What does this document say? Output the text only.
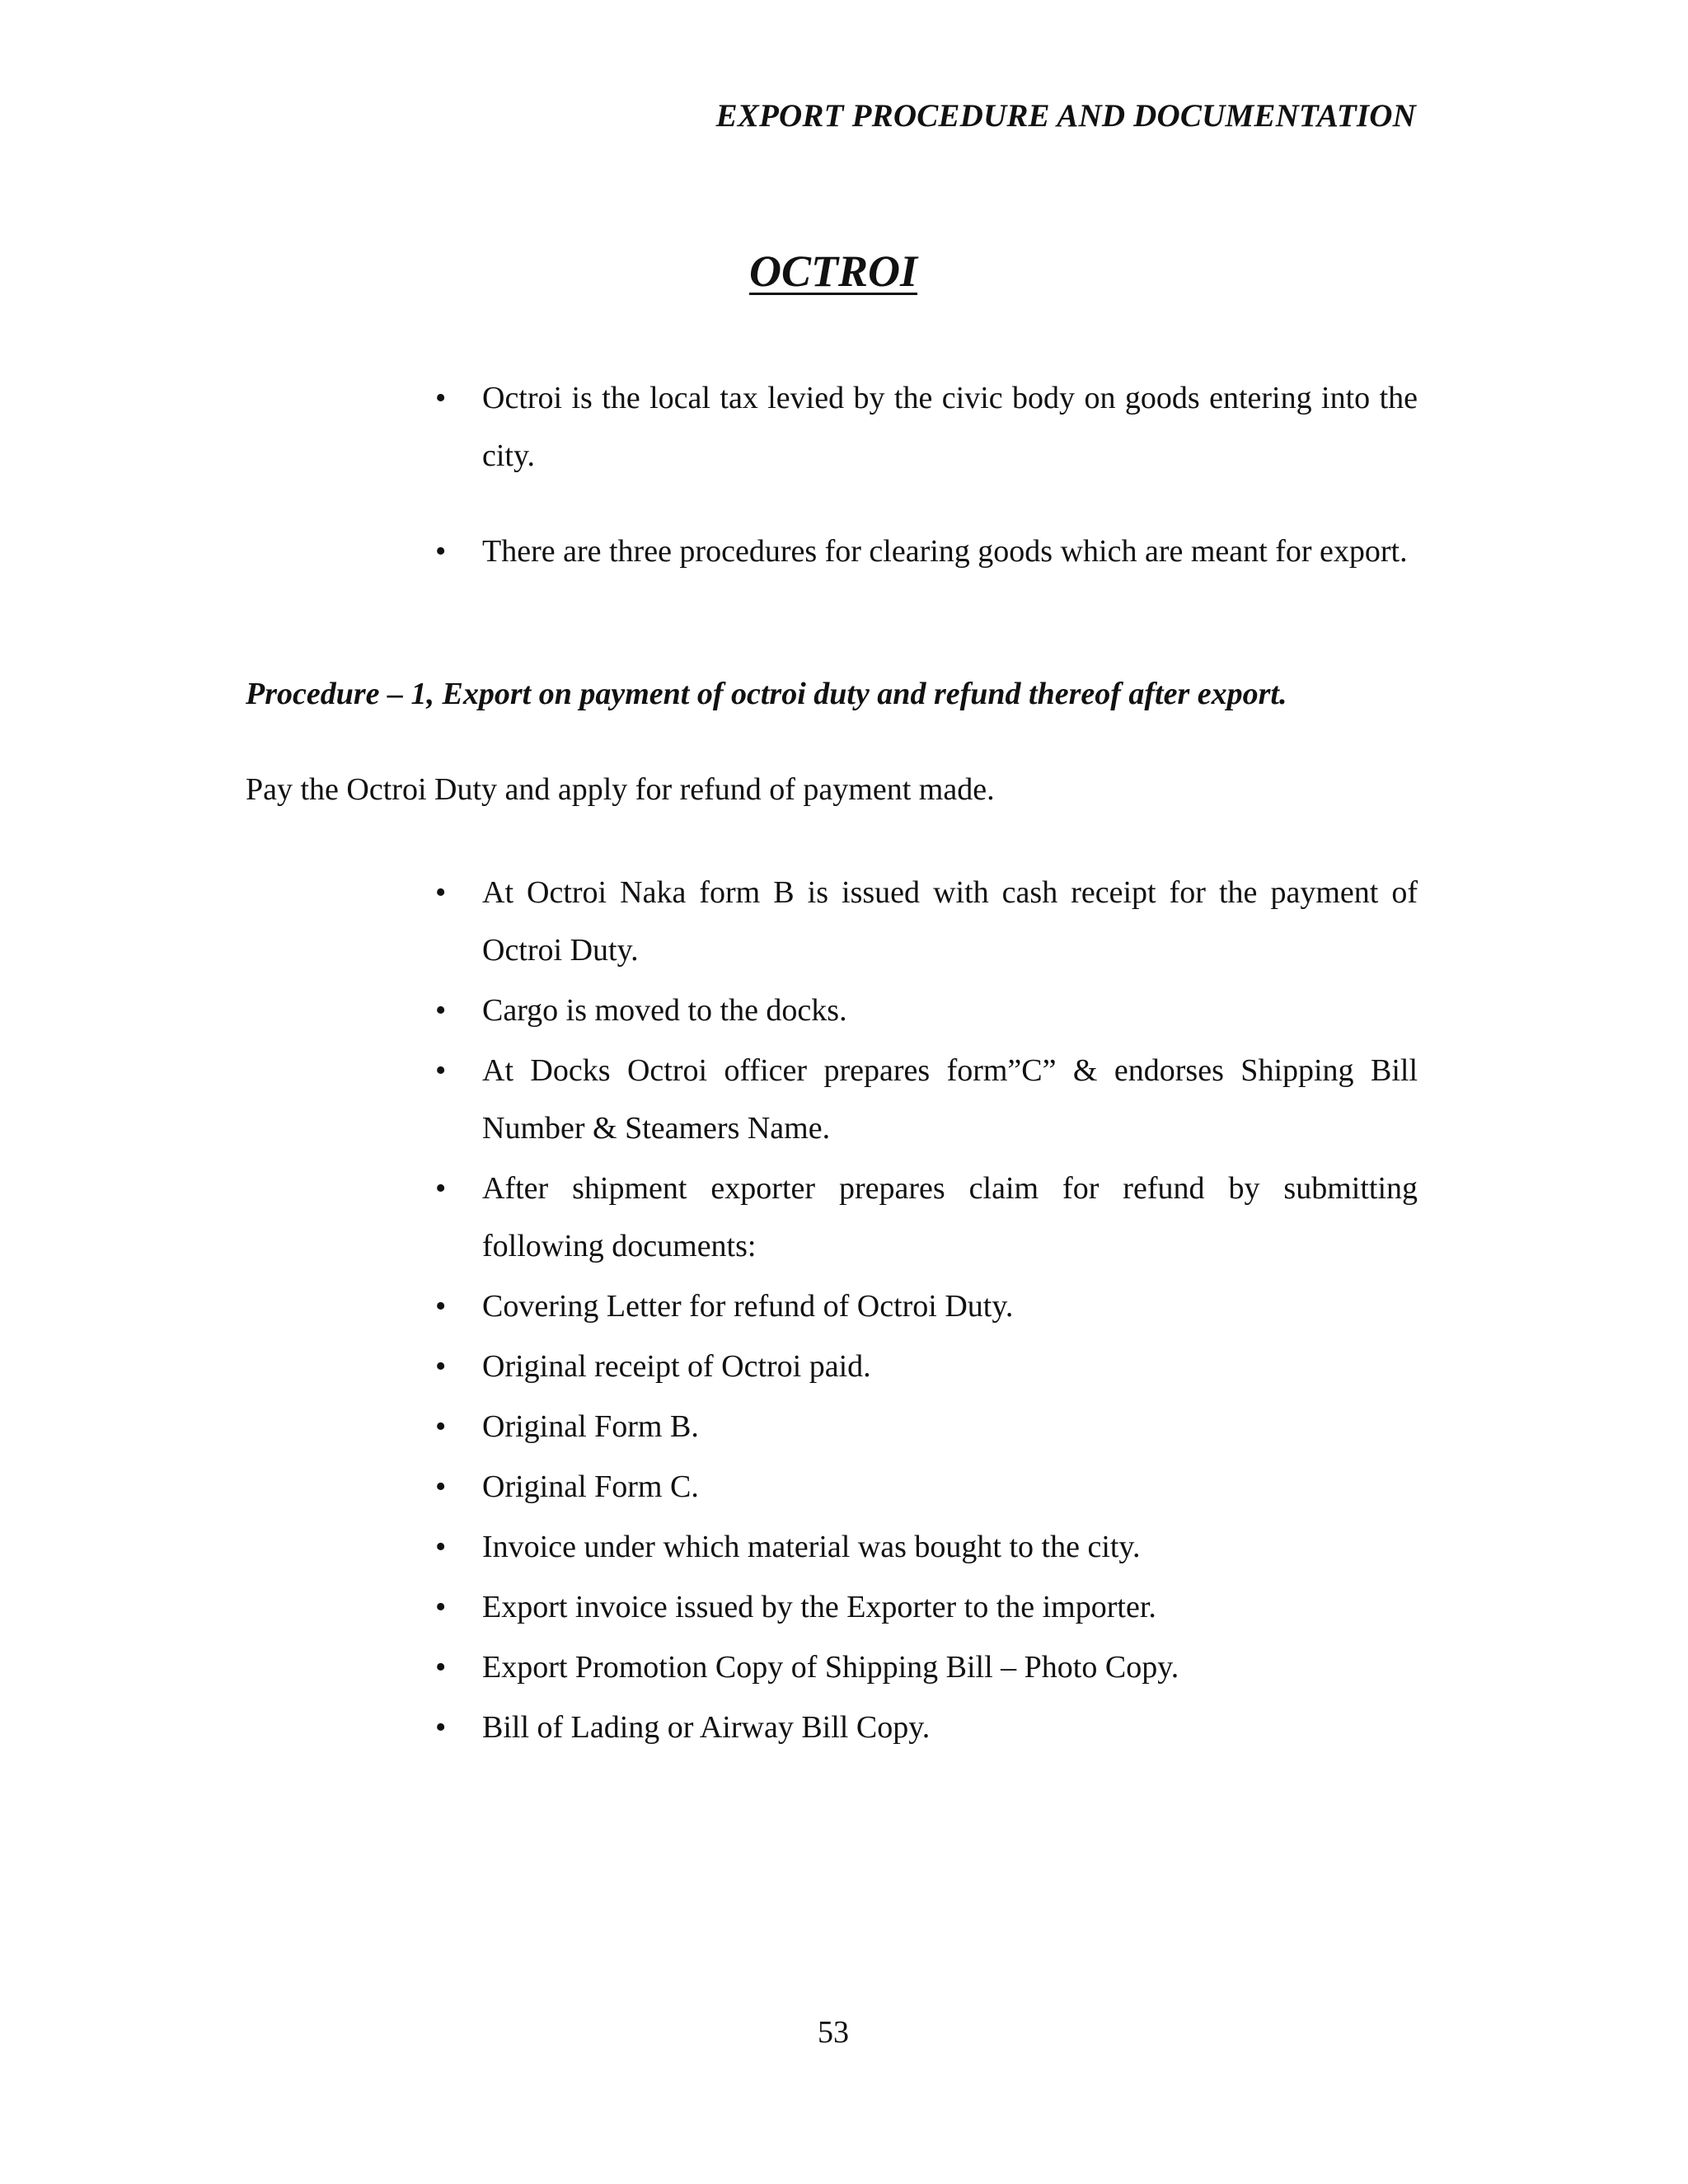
EXPORT PROCEDURE AND DOCUMENTATION
OCTROI
• Octroi is the local tax levied by the civic body on goods entering into the city.
• There are three procedures for clearing goods which are meant for export.
Procedure – 1, Export on payment of octroi duty and refund thereof after export.
Pay the Octroi Duty and apply for refund of payment made.
• At Octroi Naka form B is issued with cash receipt for the payment of Octroi Duty.
• Cargo is moved to the docks.
• At Docks Octroi officer prepares form”C” & endorses Shipping Bill Number & Steamers Name.
• After shipment exporter prepares claim for refund by submitting following documents:
• Covering Letter for refund of Octroi Duty.
• Original receipt of Octroi paid.
• Original Form B.
• Original Form C.
• Invoice under which material was bought to the city.
• Export invoice issued by the Exporter to the importer.
• Export Promotion Copy of Shipping Bill – Photo Copy.
• Bill of Lading or Airway Bill Copy.
53
